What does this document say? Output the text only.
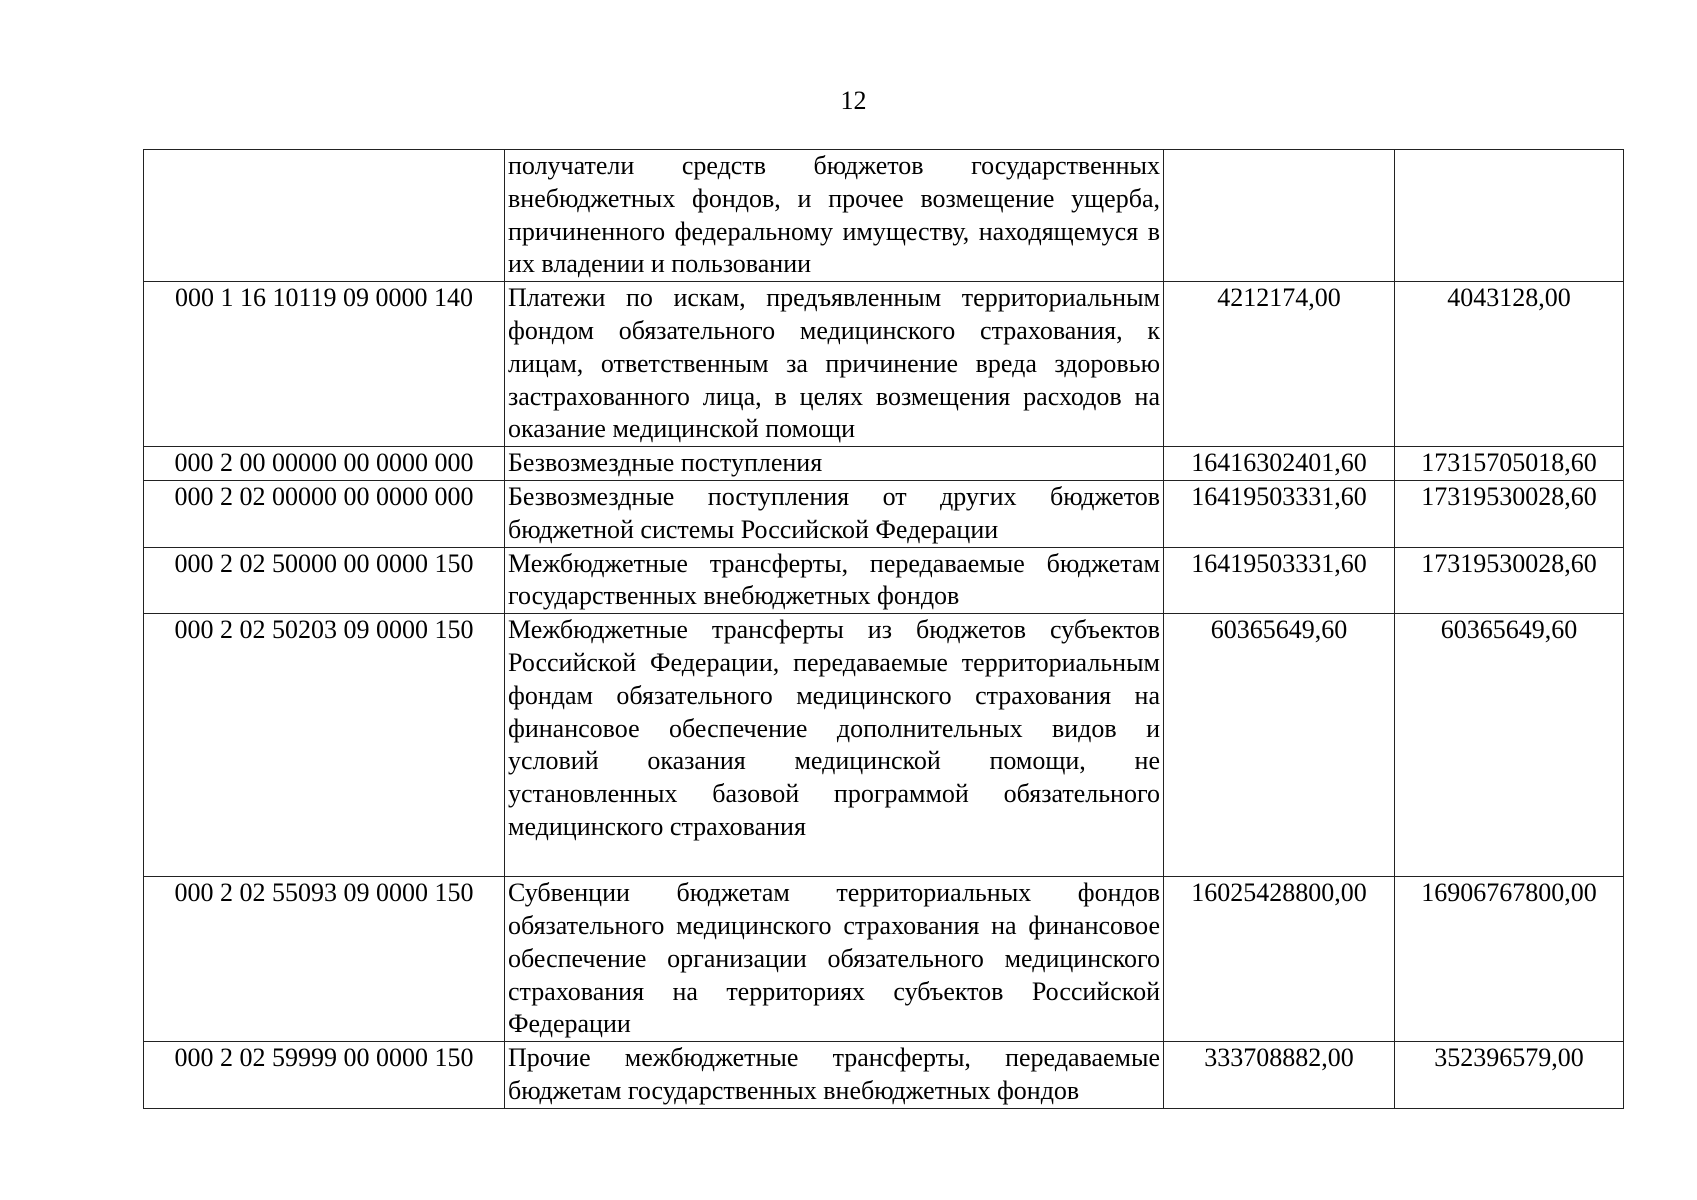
12
	получатели средств бюджетов государственных внебюджетных фондов, и прочее возмещение ущерба, причиненного федеральному имуществу, находящемуся в их владении и пользовании		
000 1 16 10119 09 0000 140	Платежи по искам, предъявленным территориальным фондом обязательного медицинского страхования, к лицам, ответственным за причинение вреда здоровью застрахованного лица, в целях возмещения расходов на оказание медицинской помощи	4212174,00	4043128,00
000 2 00 00000 00 0000 000	Безвозмездные поступления	16416302401,60	17315705018,60
000 2 02 00000 00 0000 000	Безвозмездные поступления от других бюджетов бюджетной системы Российской Федерации	16419503331,60	17319530028,60
000 2 02 50000 00 0000 150	Межбюджетные трансферты, передаваемые бюджетам государственных внебюджетных фондов	16419503331,60	17319530028,60
000 2 02 50203 09 0000 150	Межбюджетные трансферты из бюджетов субъектов Российской Федерации, передаваемые территориальным фондам обязательного медицинского страхования на финансовое обеспечение дополнительных видов и условий оказания медицинской помощи, не установленных базовой программой обязательного медицинского страхования	60365649,60	60365649,60
000 2 02 55093 09 0000 150	Субвенции бюджетам территориальных фондов обязательного медицинского страхования на финансовое обеспечение организации обязательного медицинского страхования на территориях субъектов Российской Федерации	16025428800,00	16906767800,00
000 2 02 59999 00 0000 150	Прочие межбюджетные трансферты, передаваемые бюджетам государственных внебюджетных фондов	333708882,00	352396579,00
